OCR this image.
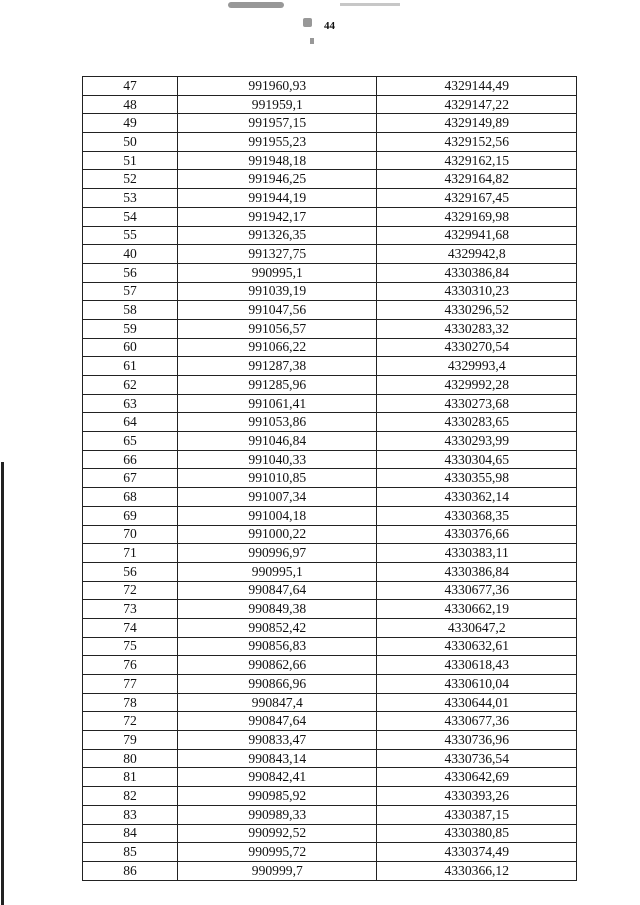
44
47	991960,93	4329144,49
48	991959,1	4329147,22
49	991957,15	4329149,89
50	991955,23	4329152,56
51	991948,18	4329162,15
52	991946,25	4329164,82
53	991944,19	4329167,45
54	991942,17	4329169,98
55	991326,35	4329941,68
40	991327,75	4329942,8
56	990995,1	4330386,84
57	991039,19	4330310,23
58	991047,56	4330296,52
59	991056,57	4330283,32
60	991066,22	4330270,54
61	991287,38	4329993,4
62	991285,96	4329992,28
63	991061,41	4330273,68
64	991053,86	4330283,65
65	991046,84	4330293,99
66	991040,33	4330304,65
67	991010,85	4330355,98
68	991007,34	4330362,14
69	991004,18	4330368,35
70	991000,22	4330376,66
71	990996,97	4330383,11
56	990995,1	4330386,84
72	990847,64	4330677,36
73	990849,38	4330662,19
74	990852,42	4330647,2
75	990856,83	4330632,61
76	990862,66	4330618,43
77	990866,96	4330610,04
78	990847,4	4330644,01
72	990847,64	4330677,36
79	990833,47	4330736,96
80	990843,14	4330736,54
81	990842,41	4330642,69
82	990985,92	4330393,26
83	990989,33	4330387,15
84	990992,52	4330380,85
85	990995,72	4330374,49
86	990999,7	4330366,12
